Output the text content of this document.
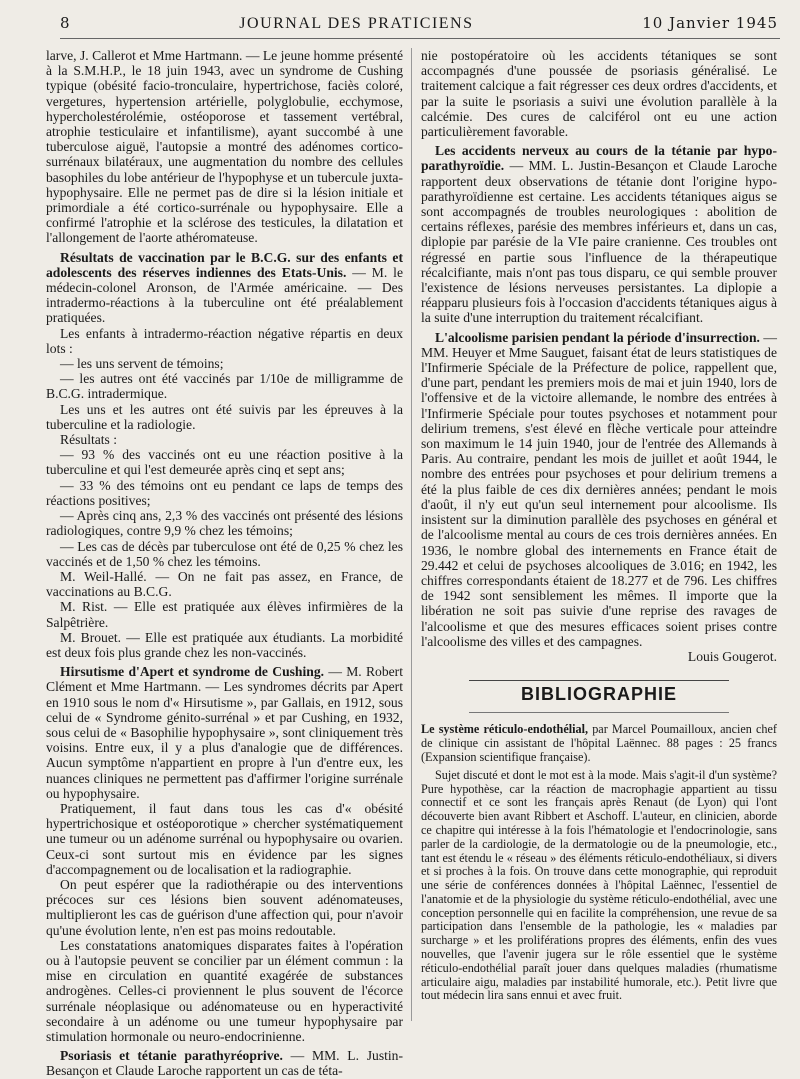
8	JOURNAL DES PRATICIENS	10 Janvier 1945

larve, J. Callerot et Mme Hartmann. — Le jeune homme présenté à la S.M.H.P., le 18 juin 1943, avec un syndrome de Cushing typique (obésité facio-tronculaire, hypertrichose, faciès coloré, vergetures, hypertension artérielle, polyglobulie, ecchymose, hypercholestérolémie, ostéoporose et tassement vertébral, atrophie testiculaire et infantilisme), ayant succombé à une tuberculose aiguë, l'autopsie a montré des adénomes cortico-surrénaux bilatéraux, une augmentation du nombre des cellules basophiles du lobe antérieur de l'hypophyse et un tubercule juxta-hypophysaire. Elle ne permet pas de dire si la lésion initiale et primordiale a été cortico-surrénale ou hypophysaire. Elle a confirmé l'atrophie et la sclérose des testicules, la dilatation et l'allongement de l'aorte athéromateuse.

Résultats de vaccination par le B.C.G. sur des enfants et adolescents des réserves indiennes des Etats-Unis. — M. le médecin-colonel Aronson, de l'Armée américaine. — Des intradermo-réactions à la tuberculine ont été préalablement pratiquées.

Les enfants à intradermo-réaction négative répartis en deux lots :

— les uns servent de témoins;

— les autres ont été vaccinés par 1/10e de milligramme de B.C.G. intradermique.

Les uns et les autres ont été suivis par les épreuves à la tuberculine et la radiologie.

Résultats :

— 93 % des vaccinés ont eu une réaction positive à la tuberculine et qui l'est demeurée après cinq et sept ans;

— 33 % des témoins ont eu pendant ce laps de temps des réactions positives;

— Après cinq ans, 2,3 % des vaccinés ont présenté des lésions radiologiques, contre 9,9 % chez les témoins;

— Les cas de décès par tuberculose ont été de 0,25 % chez les vaccinés et de 1,50 % chez les témoins.

M. Weil-Hallé. — On ne fait pas assez, en France, de vaccinations au B.C.G.

M. Rist. — Elle est pratiquée aux élèves infirmières de la Salpêtrière.

M. Brouet. — Elle est pratiquée aux étudiants. La morbidité est deux fois plus grande chez les non-vaccinés.

Hirsutisme d'Apert et syndrome de Cushing. — M. Robert Clément et Mme Hartmann. — Les syndromes décrits par Apert en 1910 sous le nom d'« Hirsutisme », par Gallais, en 1912, sous celui de « Syndrome génito-surrénal » et par Cushing, en 1932, sous celui de « Basophilie hypophysaire », sont cliniquement très voisins. Entre eux, il y a plus d'analogie que de différences. Aucun symptôme n'appartient en propre à l'un d'entre eux, les nuances cliniques ne permettent pas d'affirmer l'origine surrénale ou hypophysaire.

Pratiquement, il faut dans tous les cas d'« obésité hypertrichosique et ostéoporotique » chercher systématiquement une tumeur ou un adénome surrénal ou hypophysaire ou ovarien. Ceux-ci sont surtout mis en évidence par les signes d'accompagnement ou de localisation et la radiographie.

On peut espérer que la radiothérapie ou des interventions précoces sur ces lésions bien souvent adénomateuses, multiplieront les cas de guérison d'une affection qui, pour n'avoir qu'une évolution lente, n'en est pas moins redoutable.

Les constatations anatomiques disparates faites à l'opération ou à l'autopsie peuvent se concilier par un élément commun : la mise en circulation en quantité exagérée de substances androgènes. Celles-ci proviennent le plus souvent de l'écorce surrénale néoplasique ou adénomateuse ou en hyperactivité secondaire à un adénome ou une tumeur hypophysaire par stimulation hormonale ou neuro-endocrinienne.

Psoriasis et tétanie parathyréoprive. — MM. L. Justin-Besançon et Claude Laroche rapportent un cas de téta-

nie postopératoire où les accidents tétaniques se sont accompagnés d'une poussée de psoriasis généralisé. Le traitement calcique a fait régresser ces deux ordres d'accidents, et par la suite le psoriasis a suivi une évolution parallèle à la calcémie. Des cures de calciférol ont eu une action particulièrement favorable.

Les accidents nerveux au cours de la tétanie par hypo-parathyroïdie. — MM. L. Justin-Besançon et Claude Laroche rapportent deux observations de tétanie dont l'origine hypo-parathyroïdienne est certaine. Les accidents tétaniques aigus se sont accompagnés de troubles neurologiques : abolition de certains réflexes, parésie des membres inférieurs et, dans un cas, diplopie par parésie de la VIe paire cranienne. Ces troubles ont régressé en partie sous l'influence de la thérapeutique récalcifiante, mais n'ont pas tous disparu, ce qui semble prouver l'existence de lésions nerveuses persistantes. La diplopie a réapparu plusieurs fois à l'occasion d'accidents tétaniques aigus à la suite d'une interruption du traitement récalcifiant.

L'alcoolisme parisien pendant la période d'insurrection. — MM. Heuyer et Mme Sauguet, faisant état de leurs statistiques de l'Infirmerie Spéciale de la Préfecture de police, rappellent que, d'une part, pendant les premiers mois de mai et juin 1940, lors de l'offensive et de la victoire allemande, le nombre des entrées à l'Infirmerie Spéciale pour toutes psychoses et notamment pour delirium tremens, s'est élevé en flèche verticale pour atteindre son maximum le 14 juin 1940, jour de l'entrée des Allemands à Paris. Au contraire, pendant les mois de juillet et août 1944, le nombre des entrées pour psychoses et pour delirium tremens a été la plus faible de ces dix dernières années; pendant le mois d'août, il n'y eut qu'un seul internement pour alcoolisme. Ils insistent sur la diminution parallèle des psychoses en général et de l'alcoolisme mental au cours de ces trois dernières années. En 1936, le nombre global des internements en France était de 29.442 et celui de psychoses alcooliques de 3.016; en 1942, les chiffres correspondants étaient de 18.277 et de 796. Les chiffres de 1942 sont sensiblement les mêmes. Il importe que la libération ne soit pas suivie d'une reprise des ravages de l'alcoolisme et que des mesures efficaces soient prises contre l'alcoolisme des villes et des campagnes.

Louis Gougerot.

BIBLIOGRAPHIE

Le système réticulo-endothélial, par Marcel Poumailloux, ancien chef de clinique cin assistant de l'hôpital Laënnec. 88 pages : 25 francs (Expansion scientifique française).

Sujet discuté et dont le mot est à la mode. Mais s'agit-il d'un système? Pure hypothèse, car la réaction de macrophagie appartient au tissu connectif et ce sont les français après Renaut (de Lyon) qui l'ont découverte bien avant Ribbert et Aschoff. L'auteur, en clinicien, aborde ce chapitre qui intéresse à la fois l'hématologie et l'endocrinologie, sans parler de la cardiologie, de la dermatologie ou de la pneumologie, etc., tant est étendu le « réseau » des éléments réticulo-endothéliaux, si divers et si proches à la fois. On trouve dans cette monographie, qui reproduit une série de conférences données à l'hôpital Laënnec, l'essentiel de l'anatomie et de la physiologie du système réticulo-endothélial, avec une conception personnelle qui en facilite la compréhension, une revue de sa participation dans l'ensemble de la pathologie, les « maladies par surcharge » et les proliférations propres des éléments, enfin des vues nouvelles, que l'avenir jugera sur le rôle essentiel que le système réticulo-endothélial paraît jouer dans quelques maladies (rhumatisme articulaire aigu, maladies par instabilité humorale, etc.). Petit livre que tout médecin lira sans ennui et avec fruit.
